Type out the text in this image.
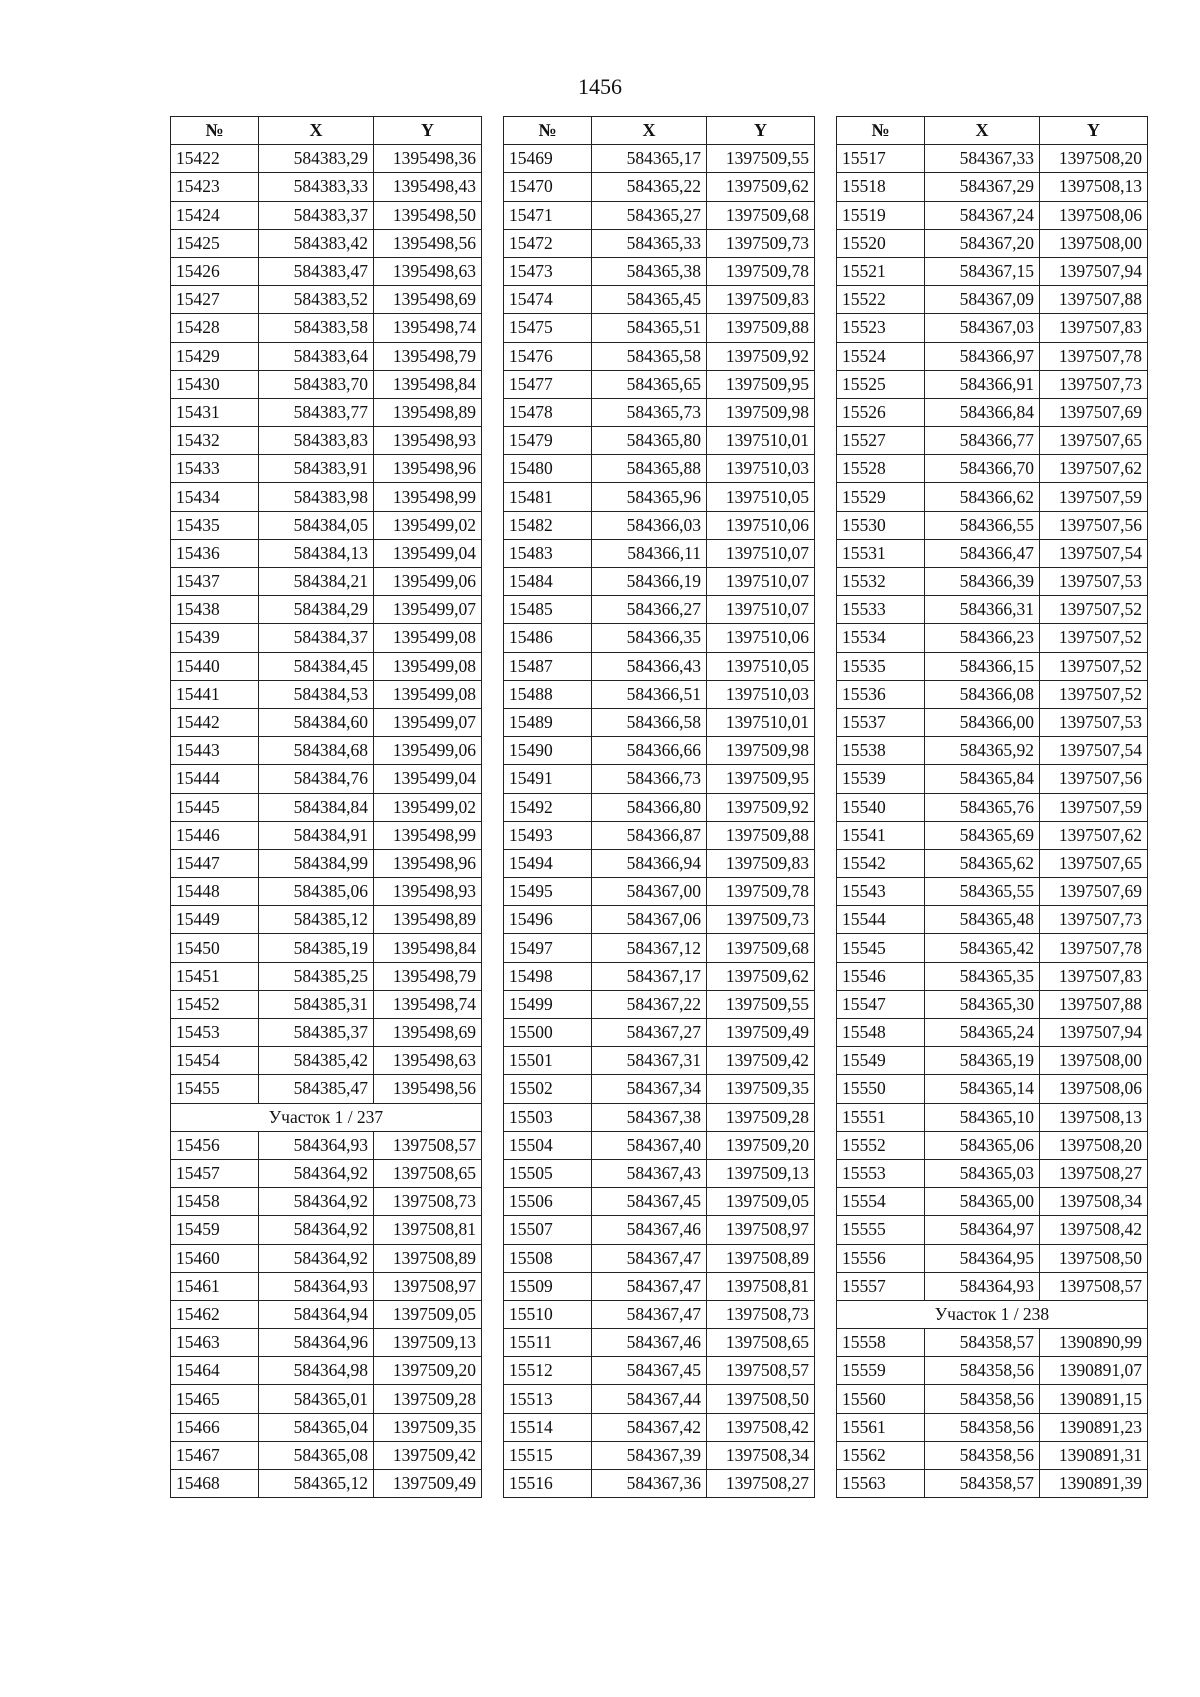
1456
№	X	Y
15422	584383,29	1395498,36
15423	584383,33	1395498,43
15424	584383,37	1395498,50
15425	584383,42	1395498,56
15426	584383,47	1395498,63
15427	584383,52	1395498,69
15428	584383,58	1395498,74
15429	584383,64	1395498,79
15430	584383,70	1395498,84
15431	584383,77	1395498,89
15432	584383,83	1395498,93
15433	584383,91	1395498,96
15434	584383,98	1395498,99
15435	584384,05	1395499,02
15436	584384,13	1395499,04
15437	584384,21	1395499,06
15438	584384,29	1395499,07
15439	584384,37	1395499,08
15440	584384,45	1395499,08
15441	584384,53	1395499,08
15442	584384,60	1395499,07
15443	584384,68	1395499,06
15444	584384,76	1395499,04
15445	584384,84	1395499,02
15446	584384,91	1395498,99
15447	584384,99	1395498,96
15448	584385,06	1395498,93
15449	584385,12	1395498,89
15450	584385,19	1395498,84
15451	584385,25	1395498,79
15452	584385,31	1395498,74
15453	584385,37	1395498,69
15454	584385,42	1395498,63
15455	584385,47	1395498,56
Участок 1 / 237		
15456	584364,93	1397508,57
15457	584364,92	1397508,65
15458	584364,92	1397508,73
15459	584364,92	1397508,81
15460	584364,92	1397508,89
15461	584364,93	1397508,97
15462	584364,94	1397509,05
15463	584364,96	1397509,13
15464	584364,98	1397509,20
15465	584365,01	1397509,28
15466	584365,04	1397509,35
15467	584365,08	1397509,42
15468	584365,12	1397509,49
№	X	Y
15469	584365,17	1397509,55
15470	584365,22	1397509,62
15471	584365,27	1397509,68
15472	584365,33	1397509,73
15473	584365,38	1397509,78
15474	584365,45	1397509,83
15475	584365,51	1397509,88
15476	584365,58	1397509,92
15477	584365,65	1397509,95
15478	584365,73	1397509,98
15479	584365,80	1397510,01
15480	584365,88	1397510,03
15481	584365,96	1397510,05
15482	584366,03	1397510,06
15483	584366,11	1397510,07
15484	584366,19	1397510,07
15485	584366,27	1397510,07
15486	584366,35	1397510,06
15487	584366,43	1397510,05
15488	584366,51	1397510,03
15489	584366,58	1397510,01
15490	584366,66	1397509,98
15491	584366,73	1397509,95
15492	584366,80	1397509,92
15493	584366,87	1397509,88
15494	584366,94	1397509,83
15495	584367,00	1397509,78
15496	584367,06	1397509,73
15497	584367,12	1397509,68
15498	584367,17	1397509,62
15499	584367,22	1397509,55
15500	584367,27	1397509,49
15501	584367,31	1397509,42
15502	584367,34	1397509,35
15503	584367,38	1397509,28
15504	584367,40	1397509,20
15505	584367,43	1397509,13
15506	584367,45	1397509,05
15507	584367,46	1397508,97
15508	584367,47	1397508,89
15509	584367,47	1397508,81
15510	584367,47	1397508,73
15511	584367,46	1397508,65
15512	584367,45	1397508,57
15513	584367,44	1397508,50
15514	584367,42	1397508,42
15515	584367,39	1397508,34
15516	584367,36	1397508,27
№	X	Y
15517	584367,33	1397508,20
15518	584367,29	1397508,13
15519	584367,24	1397508,06
15520	584367,20	1397508,00
15521	584367,15	1397507,94
15522	584367,09	1397507,88
15523	584367,03	1397507,83
15524	584366,97	1397507,78
15525	584366,91	1397507,73
15526	584366,84	1397507,69
15527	584366,77	1397507,65
15528	584366,70	1397507,62
15529	584366,62	1397507,59
15530	584366,55	1397507,56
15531	584366,47	1397507,54
15532	584366,39	1397507,53
15533	584366,31	1397507,52
15534	584366,23	1397507,52
15535	584366,15	1397507,52
15536	584366,08	1397507,52
15537	584366,00	1397507,53
15538	584365,92	1397507,54
15539	584365,84	1397507,56
15540	584365,76	1397507,59
15541	584365,69	1397507,62
15542	584365,62	1397507,65
15543	584365,55	1397507,69
15544	584365,48	1397507,73
15545	584365,42	1397507,78
15546	584365,35	1397507,83
15547	584365,30	1397507,88
15548	584365,24	1397507,94
15549	584365,19	1397508,00
15550	584365,14	1397508,06
15551	584365,10	1397508,13
15552	584365,06	1397508,20
15553	584365,03	1397508,27
15554	584365,00	1397508,34
15555	584364,97	1397508,42
15556	584364,95	1397508,50
15557	584364,93	1397508,57
Участок 1 / 238		
15558	584358,57	1390890,99
15559	584358,56	1390891,07
15560	584358,56	1390891,15
15561	584358,56	1390891,23
15562	584358,56	1390891,31
15563	584358,57	1390891,39
